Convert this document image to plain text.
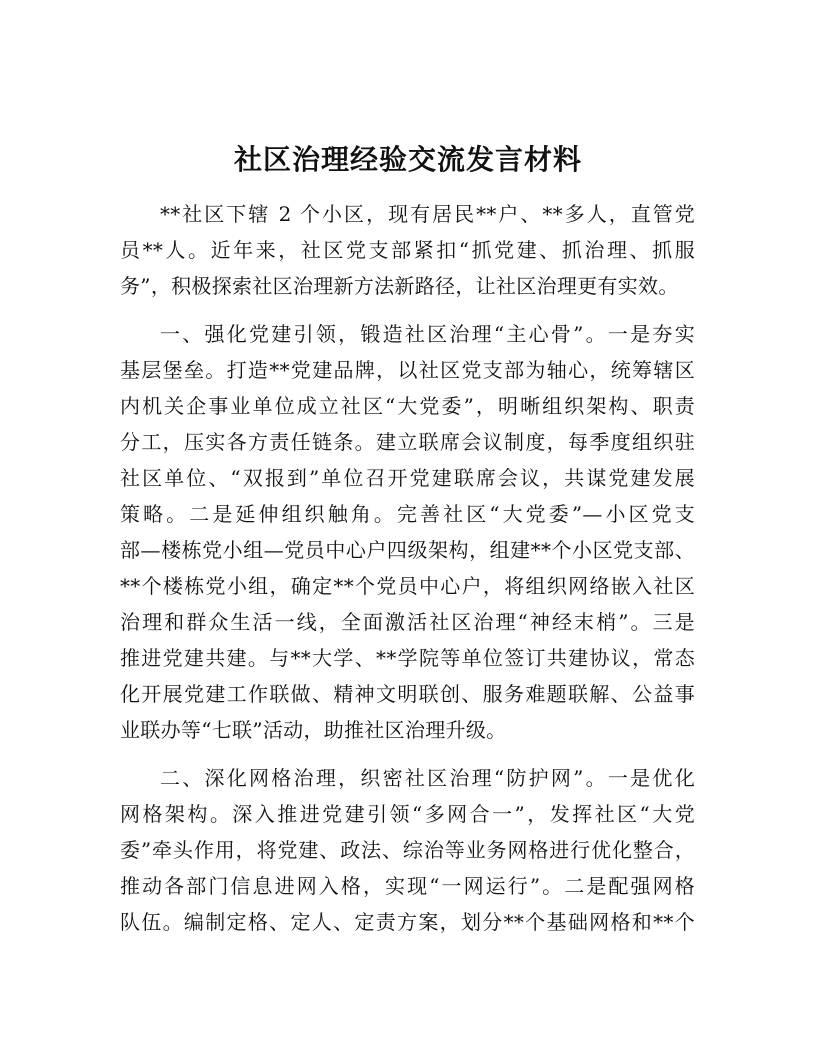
社区治理经验交流发言材料
**社区下辖 2 个小区，现有居民**户、**多人，直管党
员**人。近年来，社区党支部紧扣“抓党建、抓治理、抓服
务”，积极探索社区治理新方法新路径，让社区治理更有实效。
一、强化党建引领，锻造社区治理“主心骨”。一是夯实
基层堡垒。打造**党建品牌，以社区党支部为轴心，统筹辖区
内机关企事业单位成立社区“大党委”，明晰组织架构、职责
分工，压实各方责任链条。建立联席会议制度，每季度组织驻
社区单位、“双报到”单位召开党建联席会议，共谋党建发展
策略。二是延伸组织触角。完善社区“大党委”—小区党支
部—楼栋党小组—党员中心户四级架构，组建**个小区党支部、
**个楼栋党小组，确定**个党员中心户，将组织网络嵌入社区
治理和群众生活一线，全面激活社区治理“神经末梢”。三是
推进党建共建。与**大学、**学院等单位签订共建协议，常态
化开展党建工作联做、精神文明联创、服务难题联解、公益事
业联办等“七联”活动，助推社区治理升级。
二、深化网格治理，织密社区治理“防护网”。一是优化
网格架构。深入推进党建引领“多网合一”，发挥社区“大党
委”牵头作用，将党建、政法、综治等业务网格进行优化整合，
推动各部门信息进网入格，实现“一网运行”。二是配强网格
队伍。编制定格、定人、定责方案，划分**个基础网格和**个
